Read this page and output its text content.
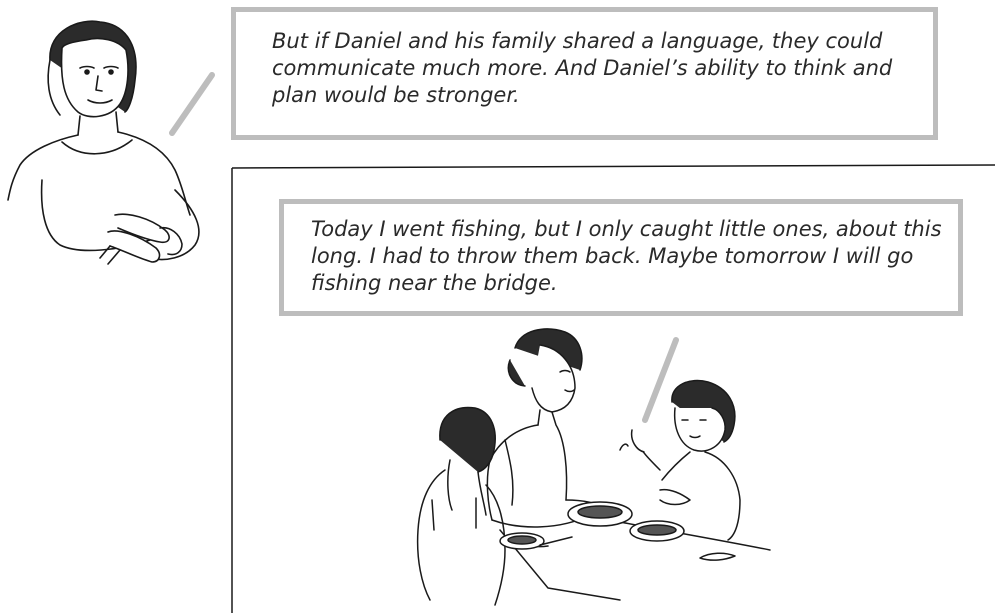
But if Daniel and his family shared a language, they could communicate much more. And Daniel’s ability to think and plan would be stronger.

Today I went fishing, but I only caught little ones, about this long. I had to throw them back. Maybe tomorrow I will go fishing near the bridge.
